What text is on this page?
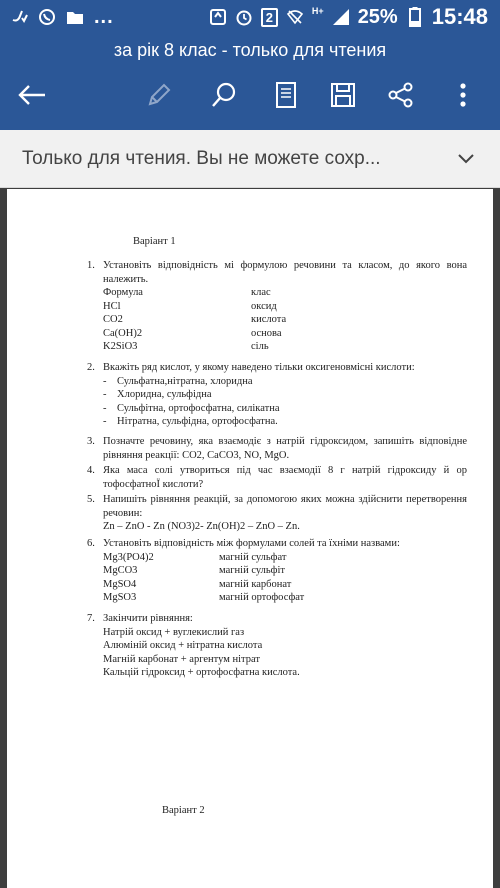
...	2	H+ 25% 15:48
за рік 8 клас - только для чтения
Только для чтения. Вы не можете сохр...
Варіант 1
1. Установіть відповідність мі формулою речовини та класом, до якого вона належить.
Формула	клас
HCl	оксид
CO2	кислота
Ca(OH)2	основа
K2SiO3	сіль
2. Вкажіть ряд кислот, у якому наведено тільки оксигеновмісні кислоти:
-	Сульфатна,нітратна, хлоридна
-	Хлоридна, сульфідна
-	Сульфітна, ортофосфатна, силікатна
-	Нітратна, сульфідна, ортофосфатна.
3. Позначте речовину, яка взаємодіє з натрій гідроксидом, запишіть відповідне рівняння реакції: CO2, CaCO3, NO, MgO.
4. Яка маса солі утвориться під час взаємодії 8 г натрій гідроксиду й ор тофосфатноЇ кислоти?
5. Напишіть рівняння реакцій, за допомогою яких можна здійснити перетворення речовин:
Zn – ZnO - Zn (NO3)2- Zn(OH)2 – ZnO – Zn.
6. Установіть відповідність між формулами солей та їхніми назвами:
Mg3(PO4)2	магній сульфат
MgCO3	магній сульфіт
MgSO4	магній карбонат
MgSO3	магній ортофосфат
7. Закінчити рівняння:
Натрій оксид + вуглекислий газ
Алюміній оксид + нітратна кислота
Магній карбонат + аргентум нітрат
Кальцій гідроксид + ортофосфатна кислота.
Варіант 2
